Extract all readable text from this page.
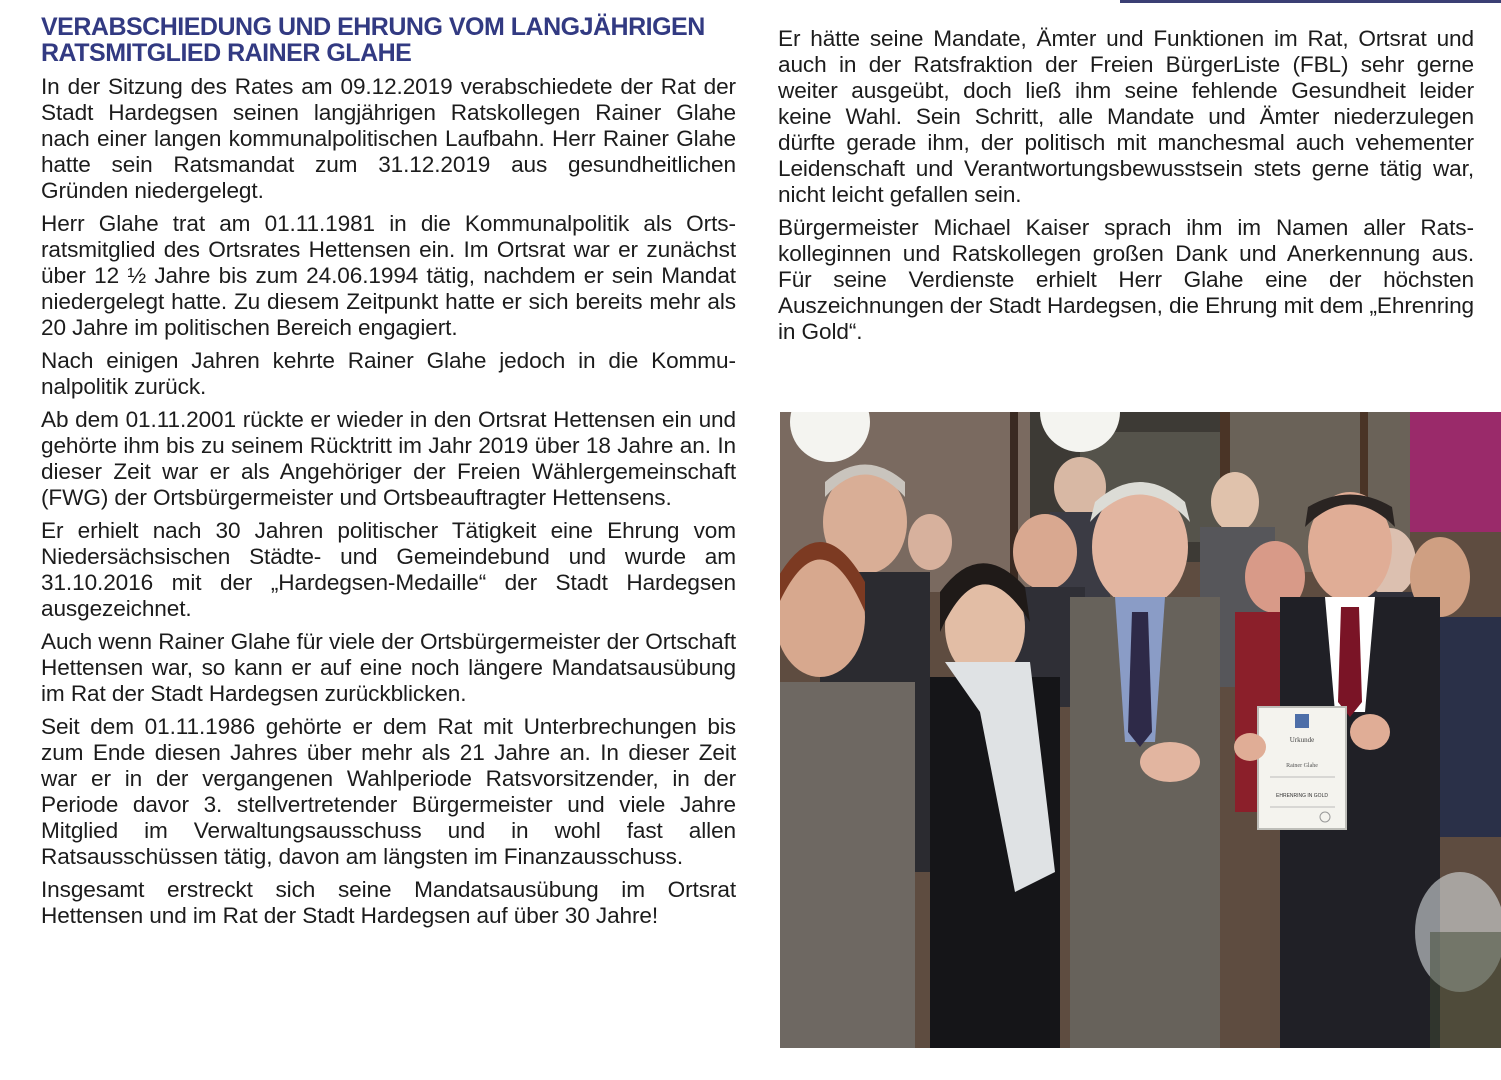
VERABSCHIEDUNG UND EHRUNG VOM LANGJÄHRIGEN
RATSMITGLIED RAINER GLAHE

In der Sitzung des Rates am 09.12.2019 verabschiedete der Rat der Stadt Hardegsen seinen langjährigen Ratskollegen Rainer Glahe nach einer langen kommunalpolitischen Laufbahn. Herr Rainer Glahe hatte sein Ratsmandat zum 31.12.2019 aus gesundheitlichen Gründen niedergelegt.

Herr Glahe trat am 01.11.1981 in die Kommunalpolitik als Ortsratsmitglied des Ortsrates Hettensen ein. Im Ortsrat war er zunächst über 12 ½ Jahre bis zum 24.06.1994 tätig, nachdem er sein Mandat niedergelegt hatte. Zu diesem Zeitpunkt hatte er sich bereits mehr als 20 Jahre im politischen Bereich engagiert.

Nach einigen Jahren kehrte Rainer Glahe jedoch in die Kommunalpolitik zurück.

Ab dem 01.11.2001 rückte er wieder in den Ortsrat Hettensen ein und gehörte ihm bis zu seinem Rücktritt im Jahr 2019 über 18 Jahre an. In dieser Zeit war er als Angehöriger der Freien Wählergemeinschaft (FWG) der Ortsbürgermeister und Ortsbeauftragter Hettensens.

Er erhielt nach 30 Jahren politischer Tätigkeit eine Ehrung vom Niedersächsischen Städte- und Gemeindebund und wurde am 31.10.2016 mit der „Hardegsen-Medaille“ der Stadt Hardegsen ausgezeichnet.

Auch wenn Rainer Glahe für viele der Ortsbürgermeister der Ortschaft Hettensen war, so kann er auf eine noch längere Mandatsausübung im Rat der Stadt Hardegsen zurückblicken.

Seit dem 01.11.1986 gehörte er dem Rat mit Unterbrechungen bis zum Ende diesen Jahres über mehr als 21 Jahre an. In dieser Zeit war er in der vergangenen Wahlperiode Ratsvorsitzender, in der Periode davor 3. stellvertretender Bürgermeister und viele Jahre Mitglied im Verwaltungsausschuss und in wohl fast allen Ratsausschüssen tätig, davon am längsten im Finanzausschuss.

Insgesamt erstreckt sich seine Mandatsausübung im Ortsrat Hettensen und im Rat der Stadt Hardegsen auf über 30 Jahre!

Er hätte seine Mandate, Ämter und Funktionen im Rat, Ortsrat und auch in der Ratsfraktion der Freien BürgerListe (FBL) sehr gerne weiter ausgeübt, doch ließ ihm seine fehlende Gesundheit leider keine Wahl. Sein Schritt, alle Mandate und Ämter niederzulegen dürfte gerade ihm, der politisch mit manchesmal auch vehementer Leidenschaft und Verantwortungsbewusstsein stets gerne tätig war, nicht leicht gefallen sein.

Bürgermeister Michael Kaiser sprach ihm im Namen aller Ratskolleginnen und Ratskollegen großen Dank und Anerkennung aus. Für seine Verdienste erhielt Herr Glahe eine der höchsten Auszeichnungen der Stadt Hardegsen, die Ehrung mit dem „Ehrenring in Gold“.

Urkunde
Rainer Glahe
EHRENRING IN GOLD
